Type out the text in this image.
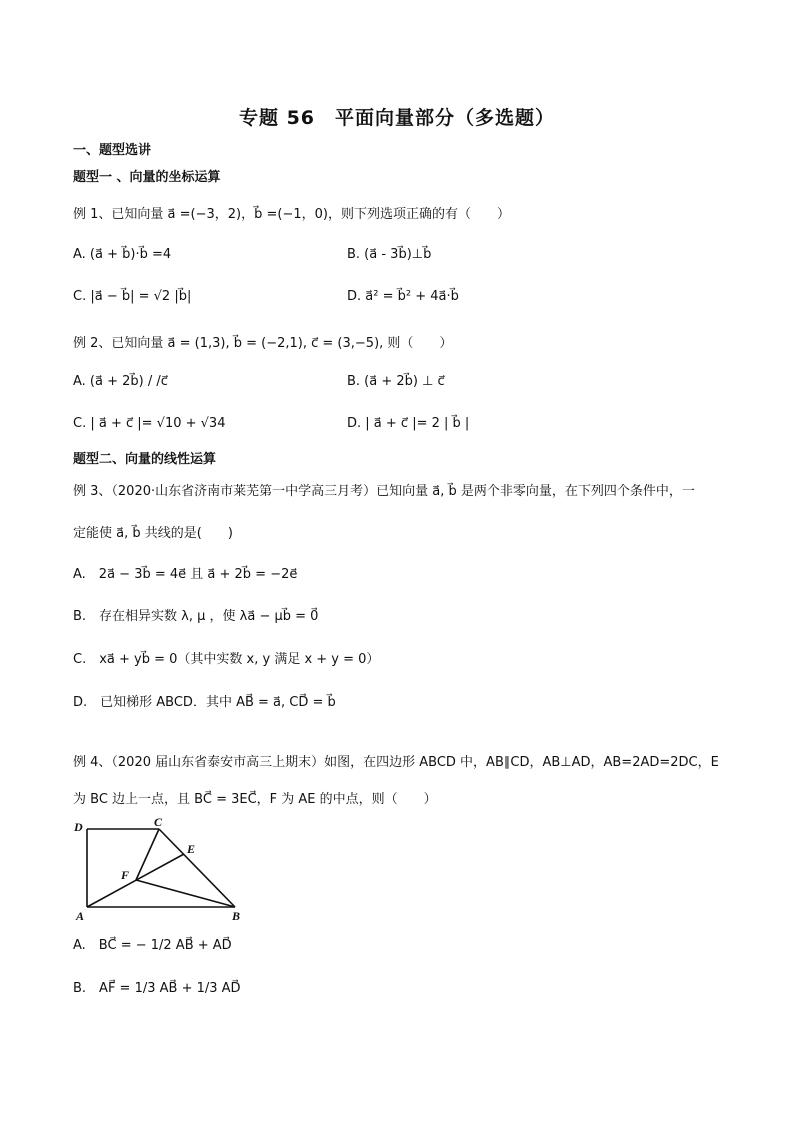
专题 56　平面向量部分（多选题）
一、题型选讲
题型一 、向量的坐标运算
例 1、已知向量 a⃗ =(−3，2)，b⃗ =(−1，0)，则下列选项正确的有（　　）
A. (a⃗ + b⃗)·b⃗ =4	B. (a⃗ - 3b⃗)⊥b⃗
C. |a⃗ − b⃗| = √2 |b⃗|	D. a⃗² = b⃗² + 4a⃗·b⃗
例 2、已知向量 a⃗ = (1,3), b⃗ = (−2,1), c⃗ = (3,−5), 则（　　）
A. (a⃗ + 2b⃗) / /c⃗	B. (a⃗ + 2b⃗) ⊥ c⃗
C. | a⃗ + c⃗ |= √10 + √34	D. | a⃗ + c⃗ |= 2 | b⃗ |
题型二、向量的线性运算
例 3、（2020·山东省济南市莱芜第一中学高三月考）已知向量 a⃗, b⃗ 是两个非零向量，在下列四个条件中，一
定能使 a⃗, b⃗ 共线的是(　　)
A.　2a⃗ − 3b⃗ = 4e⃗ 且 a⃗ + 2b⃗ = −2e⃗
B.　存在相异实数 λ, μ ，使 λa⃗ − μb⃗ = 0⃗
C.　xa⃗ + yb⃗ = 0（其中实数 x, y 满足 x + y = 0）
D.　已知梯形 ABCD．其中 AB⃗ = a⃗, CD⃗ = b⃗
例 4、（2020 届山东省泰安市高三上期末）如图，在四边形 ABCD 中，AB∥CD，AB⊥AD，AB=2AD=2DC，E
为 BC 边上一点，且 BC⃗ = 3EC⃗，F 为 AE 的中点，则（　　）
D	C
E
F
A	B
A.　BC⃗ = − 1/2 AB⃗ + AD⃗
B.　AF⃗ = 1/3 AB⃗ + 1/3 AD⃗
